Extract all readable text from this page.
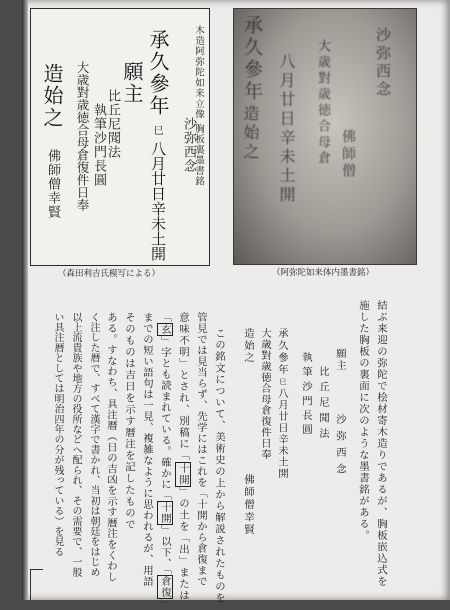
木造阿弥陀如来立像 胸板裏墨書銘
承久參年
巳
八月廿日辛未土開
願主
沙弥西念
比丘尼聞法
執筆沙門長圓
大歳對歳徳合母倉復件日奉
造始之
佛師僧幸賢
（森田利吉氏模写による）
承久參年 八月廿日辛未土開	沙弥西念
大歳對歳徳合母倉
造始之	佛師僧
（阿弥陀如来体内墨書銘）
結ぶ来迎の弥陀で桧材寄木造りであるが、胸板嵌込式を
施した胸板の裏面に次のような墨書銘がある。
願主
沙弥西念
比丘尼聞法
執筆沙門長圓
承久參年
巳
八月廿日辛未土開
大歳對歳徳合母倉復件日奉
造始之
佛師僧幸賢
この銘文について、美術史の上から解説されたものを
管見では見当らず、先学にはこれを「十開から倉復まで
意味不明」とされ、別稿に「十開」の土を「出」または
「玄」字とも読まれている。確かに「十開」以下、「倉復」
までの短い語句は一見、複雑なように思われるが、用語
そのものは吉日を示す暦注を記したもので
ある。すなわち、具注暦（日の吉凶を示す暦注をくわし
く注した暦で、すべて漢字で書かれ、当初は朝廷をはじめ
以上流貴族や地方の役所などへ配られ、その需要で、一般
い具注暦としては明治四年の分が残っている）を見る
